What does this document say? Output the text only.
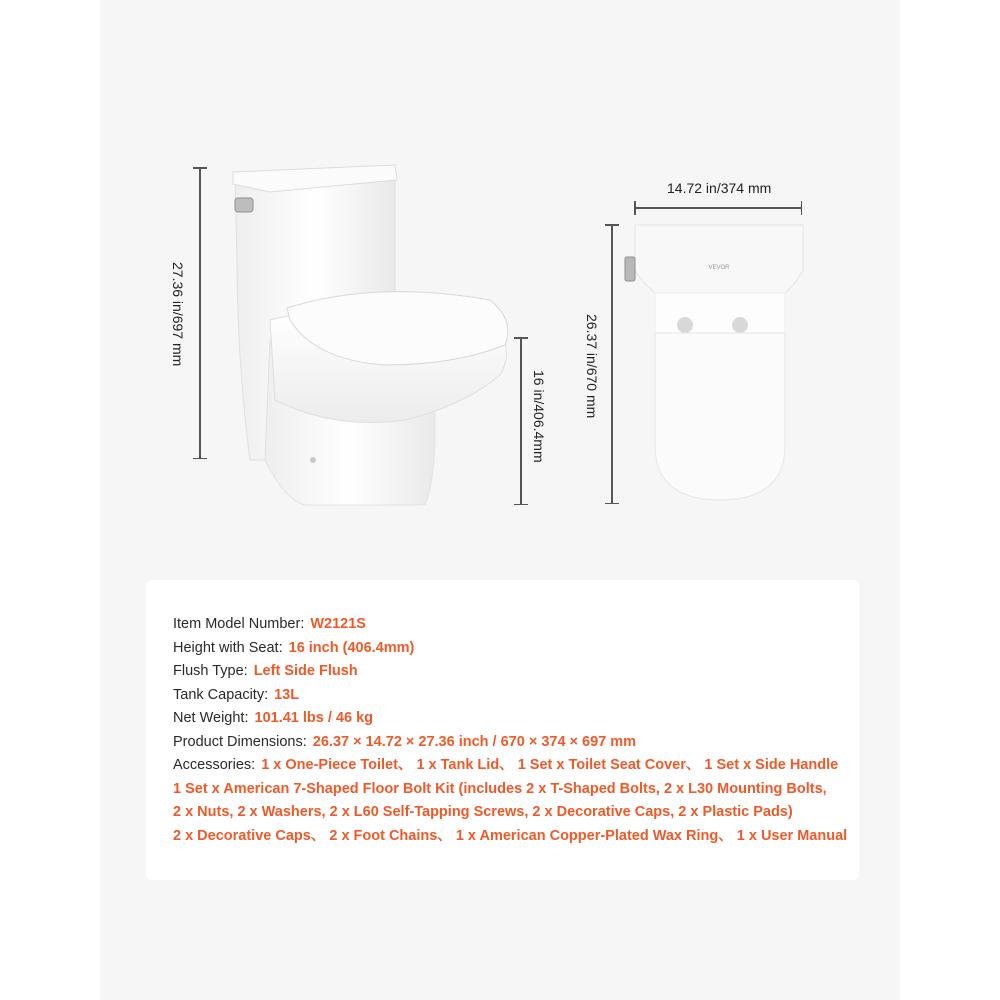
27.36 in/697 mm
16 in/406.4mm
VEVOR
14.72 in/374 mm
26.37 in/670 mm
Item Model Number: W2121S
Height with Seat: 16 inch (406.4mm)
Flush Type: Left Side Flush
Tank Capacity: 13L
Net Weight: 101.41 lbs / 46 kg
Product Dimensions: 26.37 × 14.72 × 27.36 inch / 670 × 374 × 697 mm
Accessories: 1 x One-Piece Toilet、 1 x Tank Lid、 1 Set x Toilet Seat Cover、 1 Set x Side Handle
1 Set x American 7-Shaped Floor Bolt Kit (includes 2 x T-Shaped Bolts, 2 x L30 Mounting Bolts,
2 x Nuts, 2 x Washers, 2 x L60 Self-Tapping Screws, 2 x Decorative Caps, 2 x Plastic Pads)
2 x Decorative Caps、 2 x Foot Chains、 1 x American Copper-Plated Wax Ring、 1 x User Manual
